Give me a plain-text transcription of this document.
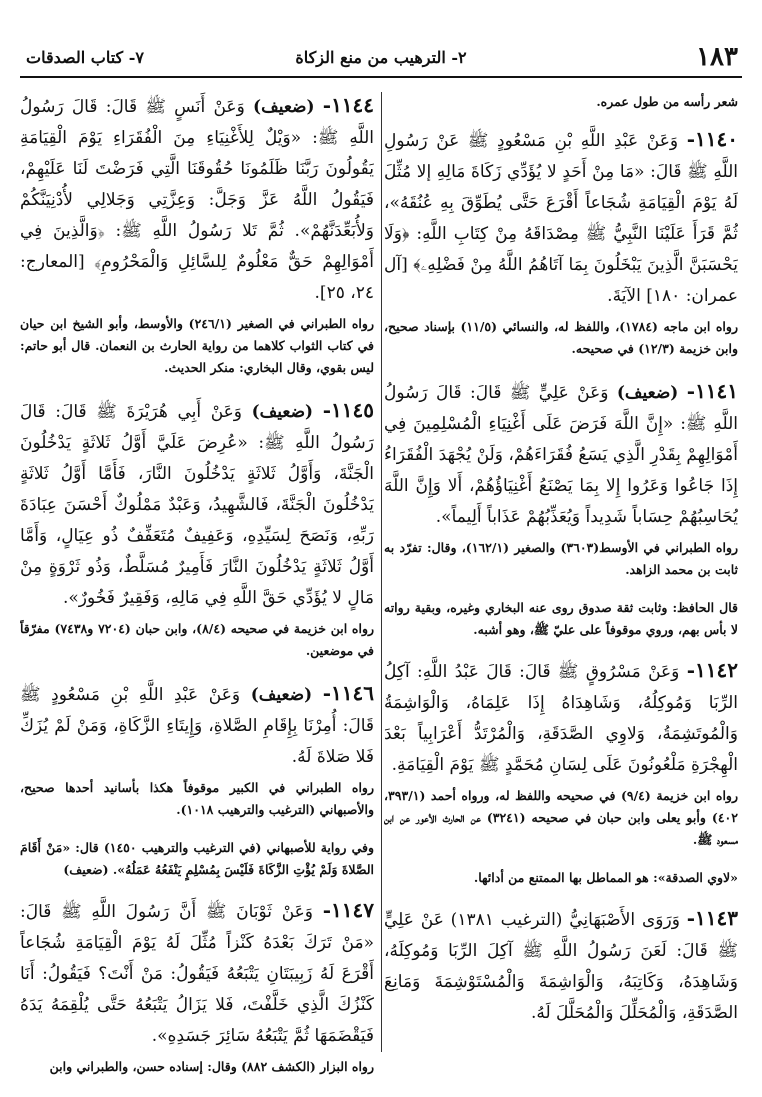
١٨٣
٢- الترهيب من منع الزكاة
٧- كتاب الصدقات

شعر رأسه من طول عمره.

١١٤٠- وَعَنْ عَبْدِ اللَّهِ بْنِ مَسْعُودٍ ﷺ عَنْ رَسُولِ اللَّهِ ﷺ قَالَ: «مَا مِنْ أَحَدٍ لا يُؤَدِّي زَكَاةَ مَالِهِ إلا مُثِّلَ لَهُ يَوْمَ الْقِيَامَةِ شُجَاعاً أَقْرَعَ حَتَّى يُطَوِّقَ بِهِ عُنُقَهُ»، ثُمَّ قَرَأَ عَلَيْنَا النَّبِيُّ ﷺ مِصْدَاقَهُ مِنْ كِتَابِ اللَّهِ: ﴿وَلَا يَحْسَبَنَّ الَّذِينَ يَبْخَلُونَ بِمَا آتَاهُمُ اللَّهُ مِنْ فَضْلِهِۦ﴾ [آل عمران: ١٨٠] الآيَةَ.

رواه ابن ماجه (١٧٨٤)، واللفظ له، والنسائي (١١/٥) بإسناد صحيح، وابن خزيمة (١٢/٣) في صحيحه.

١١٤١- (ضعيف) وَعَنْ عَلِيٍّ ﷺ قَالَ: قَالَ رَسُولُ اللَّهِ ﷺ: «إِنَّ اللَّهَ فَرَضَ عَلَى أَغْنِيَاءِ الْمُسْلِمِينَ فِي أَمْوَالِهِمْ بِقَدْرِ الَّذِي يَسَعُ فُقَرَاءَهُمْ، وَلَنْ يُجْهَدَ الْفُقَرَاءُ إِذَا جَاعُوا وَعَرُوا إِلا بِمَا يَصْنَعُ أَغْنِيَاؤُهُمْ، أَلا وَإِنَّ اللَّهَ يُحَاسِبُهُمْ حِسَاباً شَدِيداً وَيُعَذِّبُهُمْ عَذَاباً أَلِيماً».

رواه الطبراني في الأوسط(٣٦٠٣) والصغير (١٦٢/١)، وقال: تفرّد به ثابت بن محمد الزاهد.

قال الحافظ: وثابت ثقة صدوق روى عنه البخاري وغيره، وبقية رواته لا بأس بهم، وروي موقوفاً على عليّ ﷺ، وهو أشبه.

١١٤٢- وَعَنْ مَسْرُوقٍ ﷺ قَالَ: قَالَ عَبْدُ اللَّهِ: آكِلُ الرِّبَا وَمُوكِلُهُ، وَشَاهِدَاهُ إِذَا عَلِمَاهُ، وَالْوَاشِمَةُ وَالْمُوتَشِمَةُ، وَلاوِي الصَّدَقَةِ، وَالْمُرْتَدُّ أَعْرَابِياً بَعْدَ الْهِجْرَةِ مَلْعُونُونَ عَلَى لِسَانِ مُحَمَّدٍ ﷺ يَوْمَ الْقِيَامَةِ.

رواه ابن خزيمة (٩/٤) في صحيحه واللفظ له، ورواه أحمد (٣٩٣/١، ٤٠٢) وأبو يعلى وابن حبان في صحيحه (٣٢٤١) عن الحارث الأعور عن ابن مسعود ﷺ.

«لاوي الصدقة»: هو المماطل بها الممتنع من أدائها.

١١٤٣- وَرَوَى الأَصْبَهَانِيُّ (الترغيب ١٣٨١) عَنْ عَلِيٍّ ﷺ قَالَ: لَعَنَ رَسُولُ اللَّهِ ﷺ آكِلَ الرِّبَا وَمُوكِلَهُ، وَشَاهِدَهُ، وَكَاتِبَهُ، وَالْوَاشِمَةَ وَالْمُسْتَوْشِمَةَ وَمَانِعَ الصَّدَقَةِ، وَالْمُحَلِّلَ وَالْمُحَلَّلَ لَهُ.

١١٤٤- (ضعيف) وَعَنْ أَنَسٍ ﷺ قَالَ: قَالَ رَسُولُ اللَّهِ ﷺ: «وَيْلٌ لِلأَغْنِيَاءِ مِنَ الْفُقَرَاءِ يَوْمَ الْقِيَامَةِ يَقُولُونَ رَبَّنَا ظَلَمُونَا حُقُوقَنَا الَّتِي فَرَضْتَ لَنَا عَلَيْهِمْ، فَيَقُولُ اللَّهُ عَزَّ وَجَلَّ: وَعِزَّتِي وَجَلالِي لأُدْنِيَنَّكُمْ وَلأُبَعِّدَنَّهُمْ». ثُمَّ تَلا رَسُولُ اللَّهِ ﷺ: ﴿وَالَّذِينَ فِي أَمْوَالِهِمْ حَقٌّ مَعْلُومٌ لِلسَّائِلِ وَالْمَحْرُومِ﴾ [المعارج: ٢٤، ٢٥].

رواه الطبراني في الصغير (٢٤٦/١) والأوسط، وأبو الشيخ ابن حيان في كتاب الثواب كلاهما من رواية الحارث بن النعمان. قال أبو حاتم: ليس بقوي، وقال البخاري: منكر الحديث.

١١٤٥- (ضعيف) وَعَنْ أَبِي هُرَيْرَةَ ﷺ قَالَ: قَالَ رَسُولُ اللَّهِ ﷺ: «عُرِضَ عَلَيَّ أَوَّلُ ثَلاثَةٍ يَدْخُلُونَ الْجَنَّةَ، وَأَوَّلُ ثَلاثَةٍ يَدْخُلُونَ النَّارَ، فَأَمَّا أَوَّلُ ثَلاثَةٍ يَدْخُلُونَ الْجَنَّةَ، فَالشَّهِيدُ، وَعَبْدٌ مَمْلُوكٌ أَحْسَنَ عِبَادَةَ رَبِّهِ، وَنَصَحَ لِسَيِّدِهِ، وَعَفِيفٌ مُتَعَفِّفٌ ذُو عِيَالٍ، وَأَمَّا أَوَّلُ ثَلاثَةٍ يَدْخُلُونَ النَّارَ فَأَمِيرٌ مُسَلَّطٌ، وَذُو ثَرْوَةٍ مِنْ مَالٍ لا يُؤَدِّي حَقَّ اللَّهِ فِي مَالِهِ، وَفَقِيرٌ فَخُورٌ».

رواه ابن خزيمة في صحيحه (٨/٤)، وابن حبان (٧٢٠٤ و٧٤٣٨) مفرّقاً في موضعين.

١١٤٦- (ضعيف) وَعَنْ عَبْدِ اللَّهِ بْنِ مَسْعُودٍ ﷺ قَالَ: أُمِرْنَا بِإِقَامِ الصَّلاةِ، وَإِيتَاءِ الزَّكَاةِ، وَمَنْ لَمْ يُزَكِّ فَلا صَلاةَ لَهُ.

رواه الطبراني في الكبير موقوفاً هكذا بأسانيد أحدها صحيح، والأصبهاني (الترغيب والترهيب ١٠١٨).

وفي رواية للأصبهاني (في الترغيب والترهيب ١٤٥٠) قال: «مَنْ أَقَامَ الصَّلاةَ وَلَمْ يُؤْتِ الزَّكَاةَ فَلَيْسَ بِمُسْلِمٍ يَنْفَعُهُ عَمَلُهُ». (ضعيف)

١١٤٧- وَعَنْ ثَوْبَانَ ﷺ أَنَّ رَسُولَ اللَّهِ ﷺ قَالَ: «مَنْ تَرَكَ بَعْدَهُ كَنْزاً مُثِّلَ لَهُ يَوْمَ الْقِيَامَةِ شُجَاعاً أَقْرَعَ لَهُ زَبِيبَتَانِ يَتْبَعُهُ فَيَقُولُ: مَنْ أَنْتَ؟ فَيَقُولُ: أَنَا كَنْزُكَ الَّذِي خَلَّفْتَ، فَلا يَزَالُ يَتْبَعُهُ حَتَّى يُلْقِمَهُ يَدَهُ فَيَقْضَمَهَا ثُمَّ يَتْبَعُهُ سَائِرَ جَسَدِهِ».

رواه البزار (الكشف ٨٨٢) وقال: إسناده حسن، والطبراني وابن
